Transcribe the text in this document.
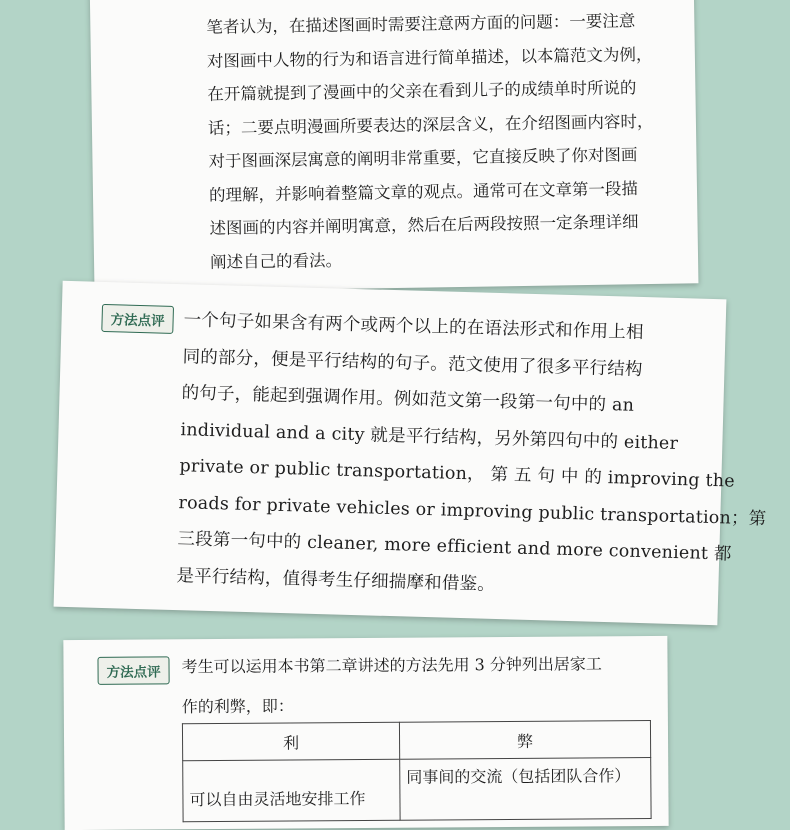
笔者认为，在描述图画时需要注意两方面的问题：一要注意

对图画中人物的行为和语言进行简单描述，以本篇范文为例，

在开篇就提到了漫画中的父亲在看到儿子的成绩单时所说的

话；二要点明漫画所要表达的深层含义，在介绍图画内容时，

对于图画深层寓意的阐明非常重要，它直接反映了你对图画

的理解，并影响着整篇文章的观点。通常可在文章第一段描

述图画的内容并阐明寓意，然后在后两段按照一定条理详细

阐述自己的看法。

方法点评	一个句子如果含有两个或两个以上的在语法形式和作用上相

同的部分，便是平行结构的句子。范文使用了很多平行结构

的句子，能起到强调作用。例如范文第一段第一句中的 an

individual and a city 就是平行结构，另外第四句中的 either

private or public transportation， 第 五 句 中 的 improving the

roads for private vehicles or improving public transportation；第

三段第一句中的 cleaner, more efficient and more convenient 都

是平行结构，值得考生仔细揣摩和借鉴。

方法点评	考生可以运用本书第二章讲述的方法先用 3 分钟列出居家工

作的利弊，即：

利	弊
可以自由灵活地安排工作	同事间的交流（包括团队合作）
